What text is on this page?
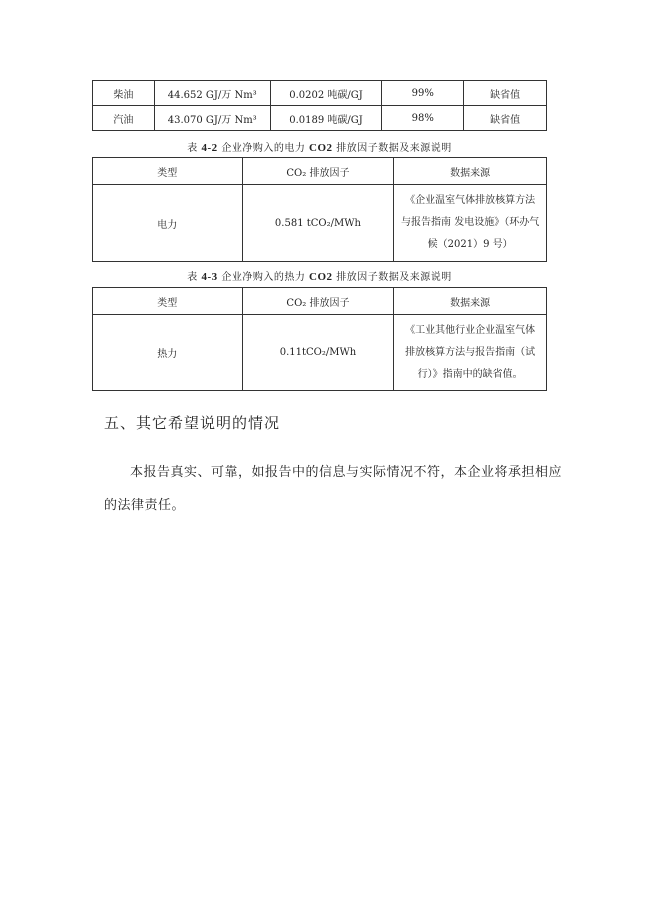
柴油	44.652 GJ/万 Nm³	0.0202 吨碳/GJ	99%	缺省值
汽油	43.070 GJ/万 Nm³	0.0189 吨碳/GJ	98%	缺省值
表 4-2 企业净购入的电力 CO2 排放因子数据及来源说明
类型	CO₂ 排放因子	数据来源
电力	0.581 tCO₂/MWh	《企业温室气体排放核算方法与报告指南 发电设施》（环办气候（2021）9 号）
表 4-3 企业净购入的热力 CO2 排放因子数据及来源说明
类型	CO₂ 排放因子	数据来源
热力	0.11tCO₂/MWh	《工业其他行业企业温室气体排放核算方法与报告指南（试行）》指南中的缺省值。
五、其它希望说明的情况
本报告真实、可靠，如报告中的信息与实际情况不符，本企业将承担相应的法律责任。
